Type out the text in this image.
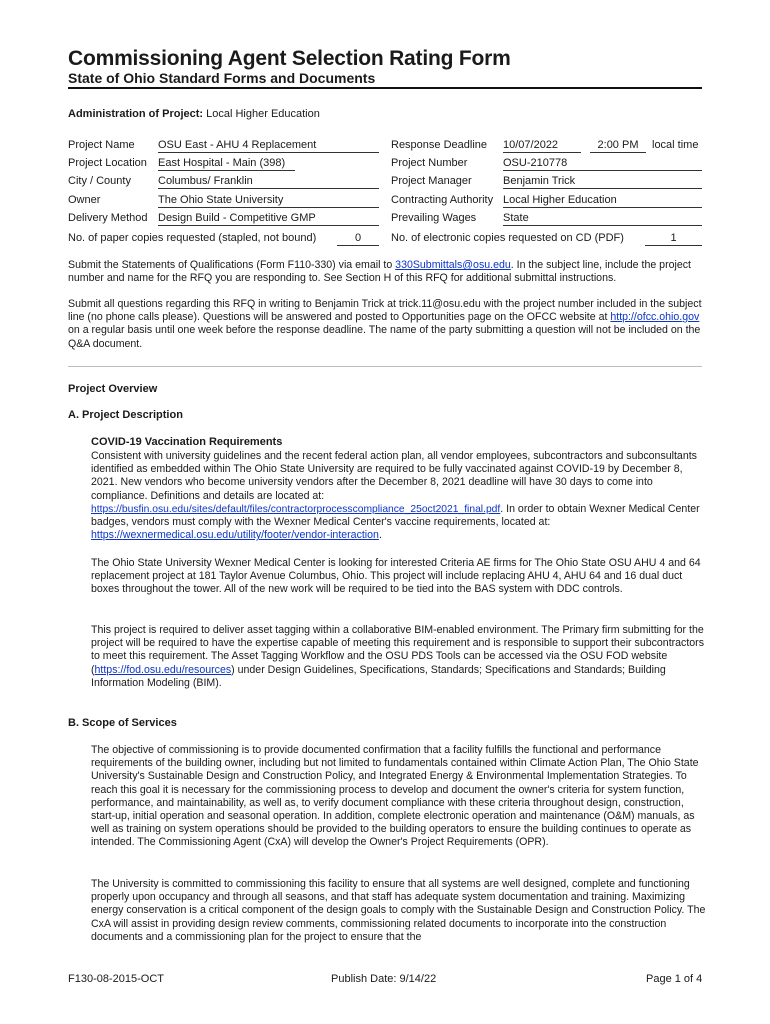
Commissioning Agent Selection Rating Form
State of Ohio Standard Forms and Documents
Administration of Project: Local Higher Education
Project Name OSU East - AHU 4 Replacement
Project Location East Hospital - Main (398)
City / County Columbus/ Franklin
Owner	The Ohio State University
Delivery Method Design Build - Competitive GMP
No. of paper copies requested (stapled, not bound)	0
Response Deadline 10/07/2022	2:00 PM	local time
Project Number	OSU-210778
Project Manager	Benjamin Trick
Contracting Authority Local Higher Education
Prevailing Wages State
No. of electronic copies requested on CD (PDF)	1
Submit the Statements of Qualifications (Form F110-330) via email to 330Submittals@osu.edu. In the subject line, include the project number and name for the RFQ you are responding to. See Section H of this RFQ for additional submittal instructions.
Submit all questions regarding this RFQ in writing to Benjamin Trick at trick.11@osu.edu with the project number included in the subject line (no phone calls please). Questions will be answered and posted to Opportunities page on the OFCC website at http://ofcc.ohio.gov on a regular basis until one week before the response deadline. The name of the party submitting a question will not be included on the Q&A document.
Project Overview
A. Project Description
COVID-19 Vaccination Requirements
Consistent with university guidelines and the recent federal action plan, all vendor employees, subcontractors and subconsultants identified as embedded within The Ohio State University are required to be fully vaccinated against COVID-19 by December 8, 2021. New vendors who become university vendors after the December 8, 2021 deadline will have 30 days to come into compliance. Definitions and details are located at: https://busfin.osu.edu/sites/default/files/contractorprocesscompliance_25oct2021_final.pdf. In order to obtain Wexner Medical Center badges, vendors must comply with the Wexner Medical Center's vaccine requirements, located at: https://wexnermedical.osu.edu/utility/footer/vendor-interaction.
The Ohio State University Wexner Medical Center is looking for interested Criteria AE firms for The Ohio State OSU AHU 4 and 64 replacement project at 181 Taylor Avenue Columbus, Ohio. This project will include replacing AHU 4, AHU 64 and 16 dual duct boxes throughout the tower. All of the new work will be required to be tied into the BAS system with DDC controls.
This project is required to deliver asset tagging within a collaborative BIM-enabled environment. The Primary firm submitting for the project will be required to have the expertise capable of meeting this requirement and is responsible to support their subcontractors to meet this requirement. The Asset Tagging Workflow and the OSU PDS Tools can be accessed via the OSU FOD website (https://fod.osu.edu/resources) under Design Guidelines, Specifications, Standards; Specifications and Standards; Building Information Modeling (BIM).
B. Scope of Services
The objective of commissioning is to provide documented confirmation that a facility fulfills the functional and performance requirements of the building owner, including but not limited to fundamentals contained within Climate Action Plan, The Ohio State University's Sustainable Design and Construction Policy, and Integrated Energy & Environmental Implementation Strategies. To reach this goal it is necessary for the commissioning process to develop and document the owner's criteria for system function, performance, and maintainability, as well as, to verify document compliance with these criteria throughout design, construction, start-up, initial operation and seasonal operation. In addition, complete electronic operation and maintenance (O&M) manuals, as well as training on system operations should be provided to the building operators to ensure the building continues to operate as intended. The Commissioning Agent (CxA) will develop the Owner's Project Requirements (OPR).
The University is committed to commissioning this facility to ensure that all systems are well designed, complete and functioning properly upon occupancy and through all seasons, and that staff has adequate system documentation and training. Maximizing energy conservation is a critical component of the design goals to comply with the Sustainable Design and Construction Policy. The CxA will assist in providing design review comments, commissioning related documents to incorporate into the construction documents and a commissioning plan for the project to ensure that the
F130-08-2015-OCT	Publish Date: 9/14/22	Page 1 of 4
